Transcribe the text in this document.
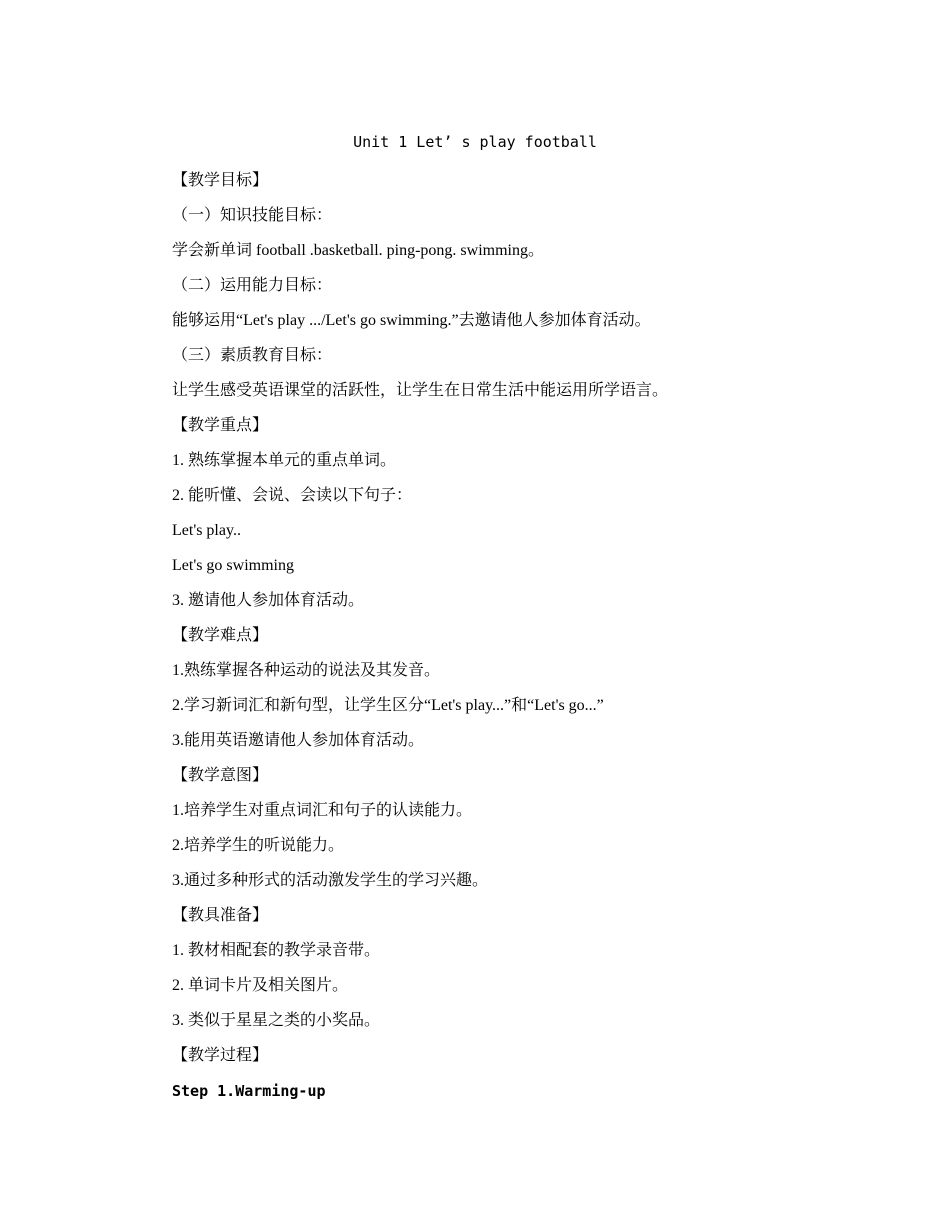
Unit 1 Let’ s play football
【教学目标】
（一）知识技能目标：
学会新单词 football .basketball. ping-pong. swimming。
（二）运用能力目标：
能够运用“Let's play .../Let's go swimming.”去邀请他人参加体育活动。
（三）素质教育目标：
让学生感受英语课堂的活跃性，让学生在日常生活中能运用所学语言。
【教学重点】
1. 熟练掌握本单元的重点单词。
2. 能听懂、会说、会读以下句子：
Let's play..
Let's go swimming
3. 邀请他人参加体育活动。
【教学难点】
1.熟练掌握各种运动的说法及其发音。
2.学习新词汇和新句型，让学生区分“Let's play...”和“Let's go...”
3.能用英语邀请他人参加体育活动。
【教学意图】
1.培养学生对重点词汇和句子的认读能力。
2.培养学生的听说能力。
3.通过多种形式的活动激发学生的学习兴趣。
【教具准备】
1. 教材相配套的教学录音带。
2. 单词卡片及相关图片。
3. 类似于星星之类的小奖品。
【教学过程】
Step 1.Warming-up
